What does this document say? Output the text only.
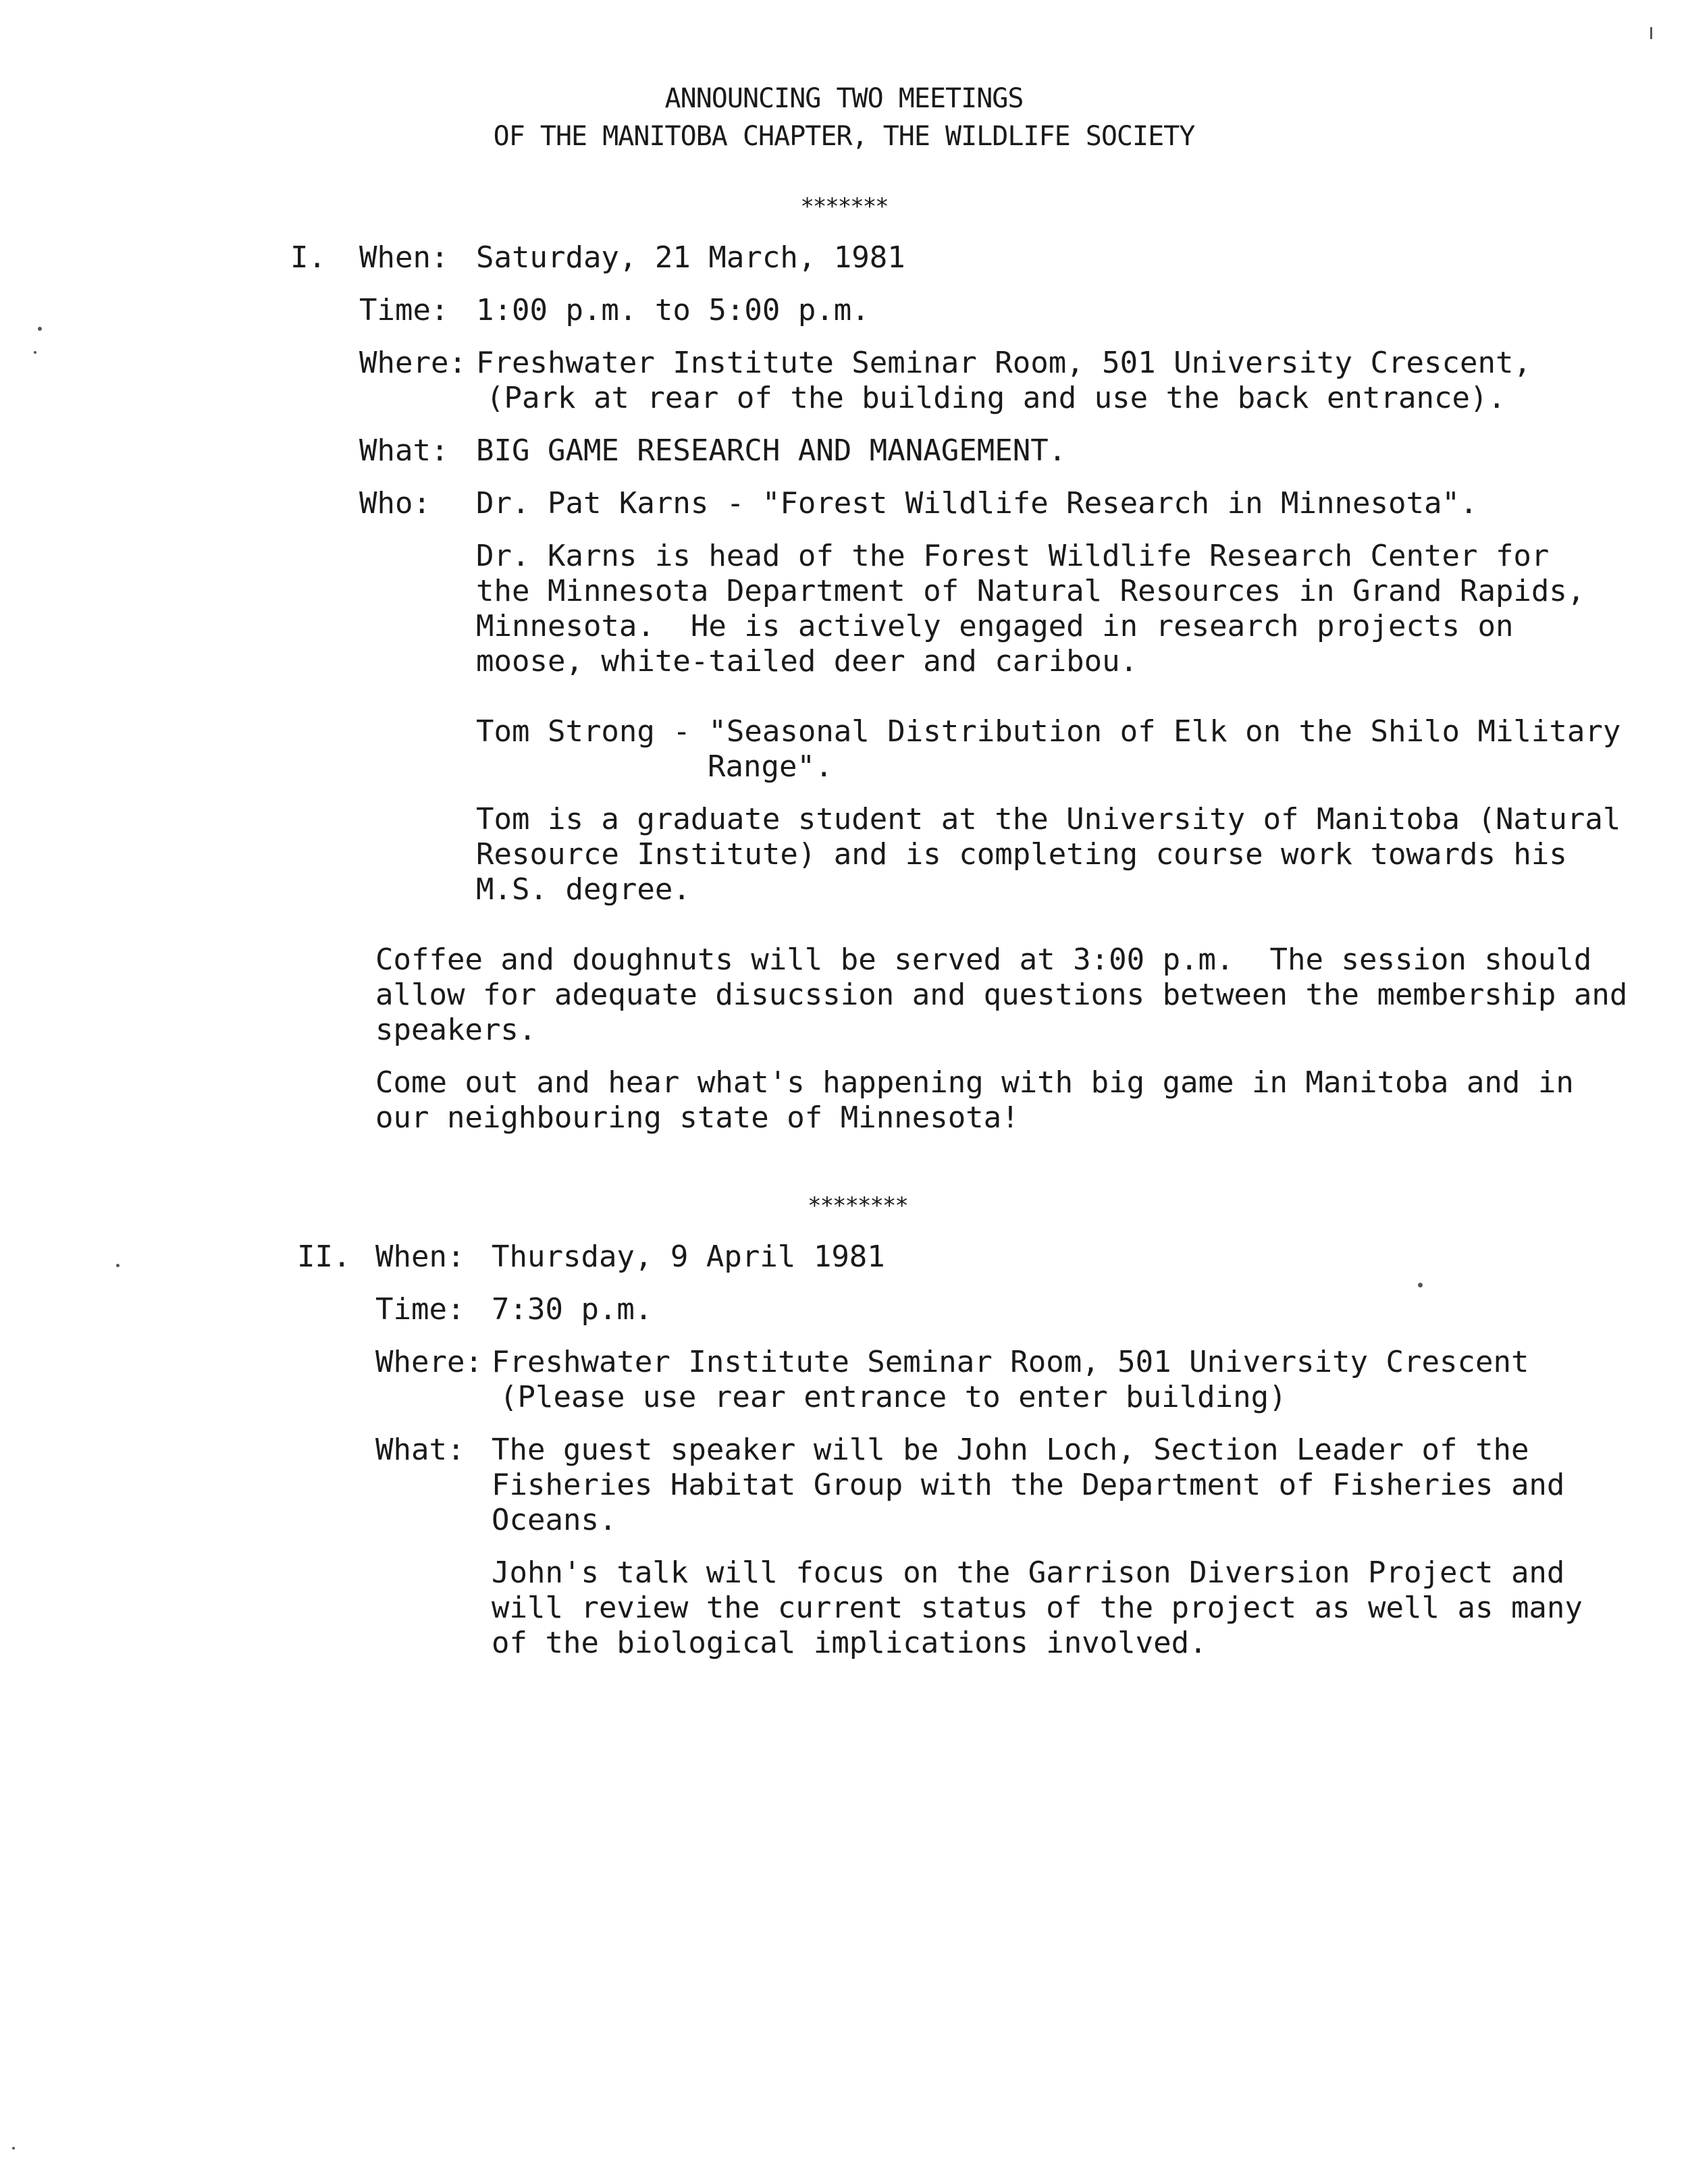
ANNOUNCING TWO MEETINGS
OF THE MANITOBA CHAPTER, THE WILDLIFE SOCIETY
*******
I. When: Saturday, 21 March, 1981
Time: 1:00 p.m. to 5:00 p.m.
Where: Freshwater Institute Seminar Room, 501 University Crescent,
(Park at rear of the building and use the back entrance).
What: BIG GAME RESEARCH AND MANAGEMENT.
Who: Dr. Pat Karns - "Forest Wildlife Research in Minnesota".
Dr. Karns is head of the Forest Wildlife Research Center for
the Minnesota Department of Natural Resources in Grand Rapids,
Minnesota.  He is actively engaged in research projects on
moose, white-tailed deer and caribou.
Tom Strong - "Seasonal Distribution of Elk on the Shilo Military
Range".
Tom is a graduate student at the University of Manitoba (Natural
Resource Institute) and is completing course work towards his
M.S. degree.
Coffee and doughnuts will be served at 3:00 p.m.  The session should
allow for adequate disucssion and questions between the membership and
speakers.
Come out and hear what's happening with big game in Manitoba and in
our neighbouring state of Minnesota!
********
II. When: Thursday, 9 April 1981
Time: 7:30 p.m.
Where: Freshwater Institute Seminar Room, 501 University Crescent
(Please use rear entrance to enter building)
What: The guest speaker will be John Loch, Section Leader of the
Fisheries Habitat Group with the Department of Fisheries and
Oceans.
John's talk will focus on the Garrison Diversion Project and
will review the current status of the project as well as many
of the biological implications involved.
